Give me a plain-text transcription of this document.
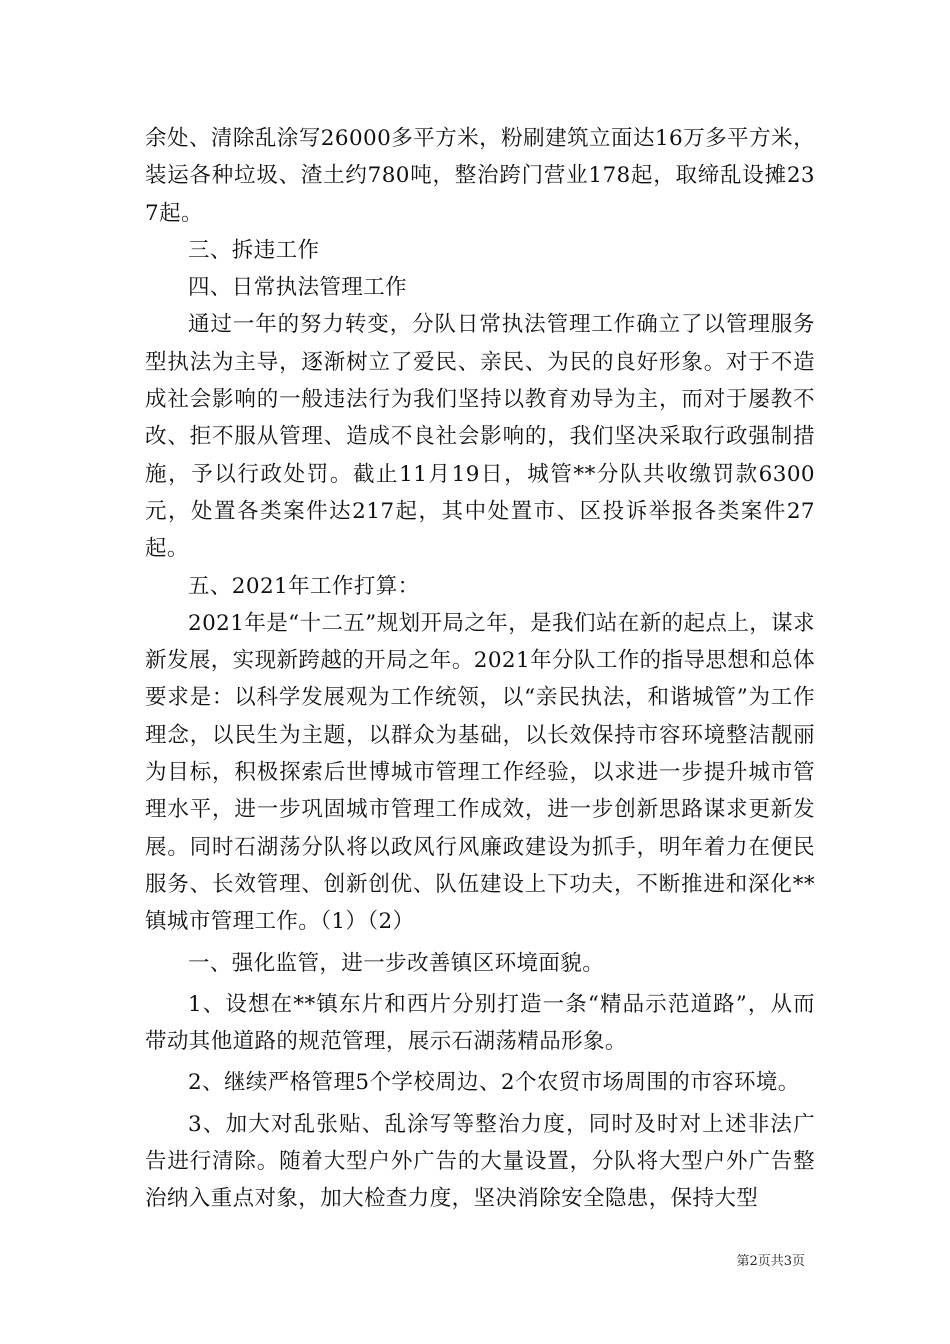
余处、清除乱涂写26000多平方米，粉刷建筑立面达16万多平方米，装运各种垃圾、渣土约780吨，整治跨门营业178起，取缔乱设摊237起。

三、拆违工作

四、日常执法管理工作

通过一年的努力转变，分队日常执法管理工作确立了以管理服务型执法为主导，逐渐树立了爱民、亲民、为民的良好形象。对于不造成社会影响的一般违法行为我们坚持以教育劝导为主，而对于屡教不改、拒不服从管理、造成不良社会影响的，我们坚决采取行政强制措施，予以行政处罚。截止11月19日，城管**分队共收缴罚款6300元，处置各类案件达217起，其中处置市、区投诉举报各类案件27起。

五、2021年工作打算：

2021年是“十二五”规划开局之年，是我们站在新的起点上，谋求新发展，实现新跨越的开局之年。2021年分队工作的指导思想和总体要求是：以科学发展观为工作统领，以“亲民执法，和谐城管”为工作理念，以民生为主题，以群众为基础，以长效保持市容环境整洁靓丽为目标，积极探索后世博城市管理工作经验，以求进一步提升城市管理水平，进一步巩固城市管理工作成效，进一步创新思路谋求更新发展。同时石湖荡分队将以政风行风廉政建设为抓手，明年着力在便民服务、长效管理、创新创优、队伍建设上下功夫，不断推进和深化**镇城市管理工作。（1）（2）

一、强化监管，进一步改善镇区环境面貌。

1、设想在**镇东片和西片分别打造一条“精品示范道路”，从而带动其他道路的规范管理，展示石湖荡精品形象。

2、继续严格管理5个学校周边、2个农贸市场周围的市容环境。

3、加大对乱张贴、乱涂写等整治力度，同时及时对上述非法广告进行清除。随着大型户外广告的大量设置，分队将大型户外广告整治纳入重点对象，加大检查力度，坚决消除安全隐患，保持大型

第2页共3页
